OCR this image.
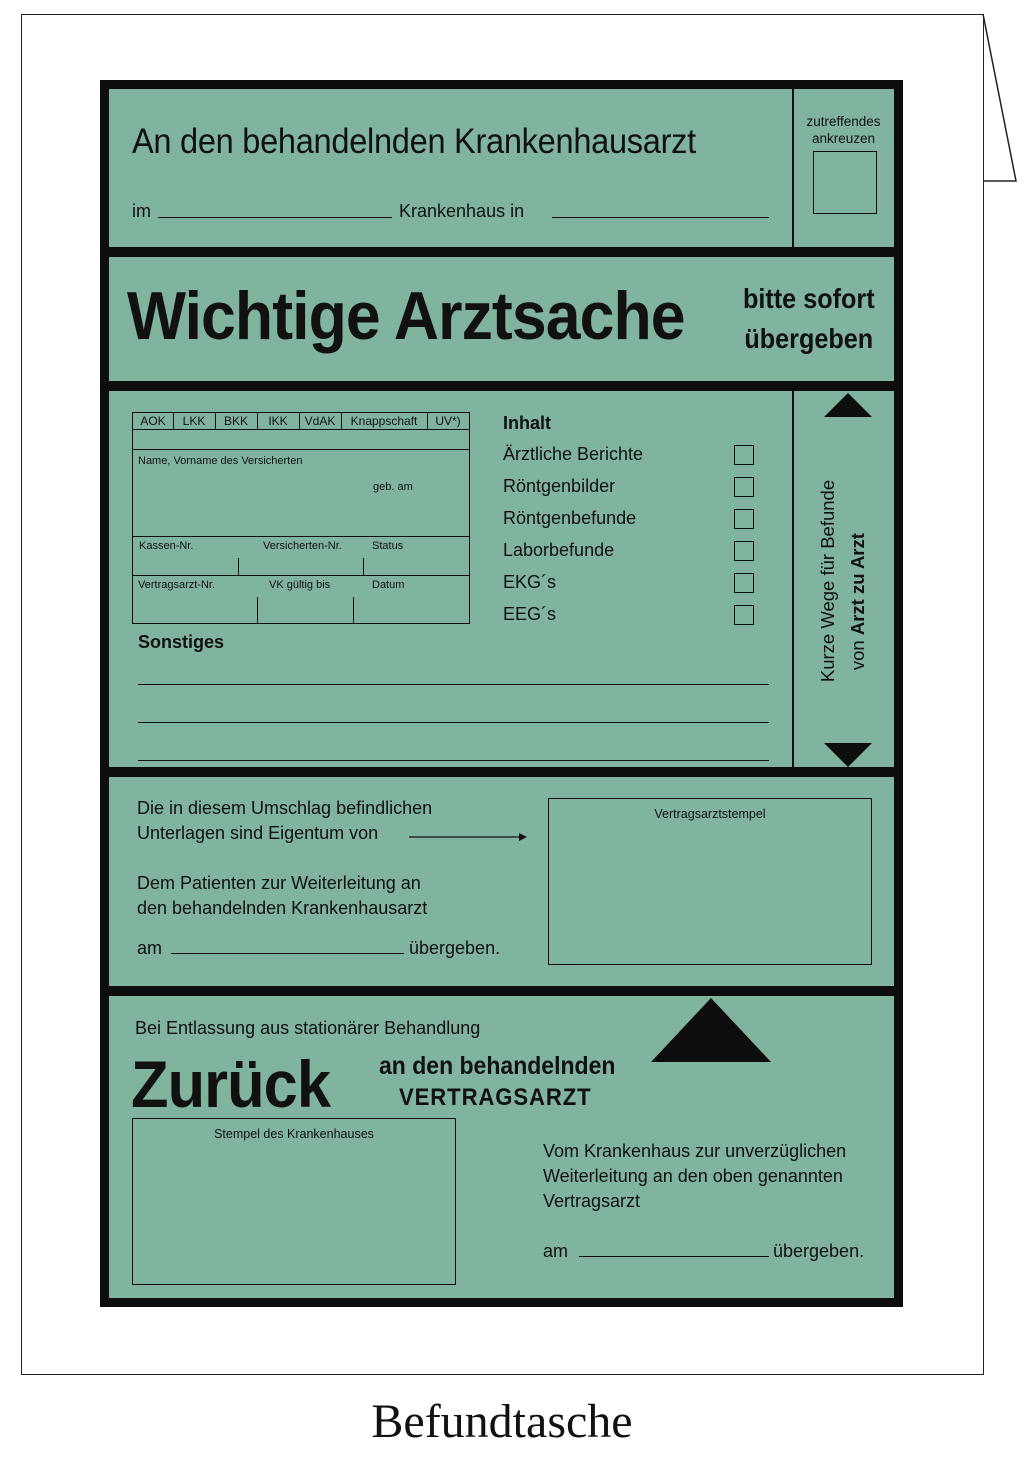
An den behandelnden Krankenhausarzt
im	Krankenhaus in
zutreffendes ankreuzen
Wichtige Arztsache bitte sofort
übergeben
AOK	LKK	BKK	IKK	VdAK	Knappschaft	UV*)
Name, Vorname des Versicherten
geb. am
Kassen-Nr.	Versicherten-Nr.	Status
Vertragsarzt-Nr.	VK gültig bis	Datum
Inhalt
Ärztliche Berichte
Röntgenbilder
Röntgenbefunde
Laborbefunde
EKG´s
EEG´s
Sonstiges	Kurze Wege für Befunde von Arzt zu Arzt
Die in diesem Umschlag befindlichen
Unterlagen sind Eigentum von
Dem Patienten zur Weiterleitung an
den behandelnden Krankenhausarzt
am	übergeben.
Vertragsarztstempel
Bei Entlassung aus stationärer Behandlung
Zurück an den behandelnden
VERTRAGSARZT
Stempel des Krankenhauses
Vom Krankenhaus zur unverzüglichen
Weiterleitung an den oben genannten
Vertragsarzt
am	übergeben.
Befundtasche
